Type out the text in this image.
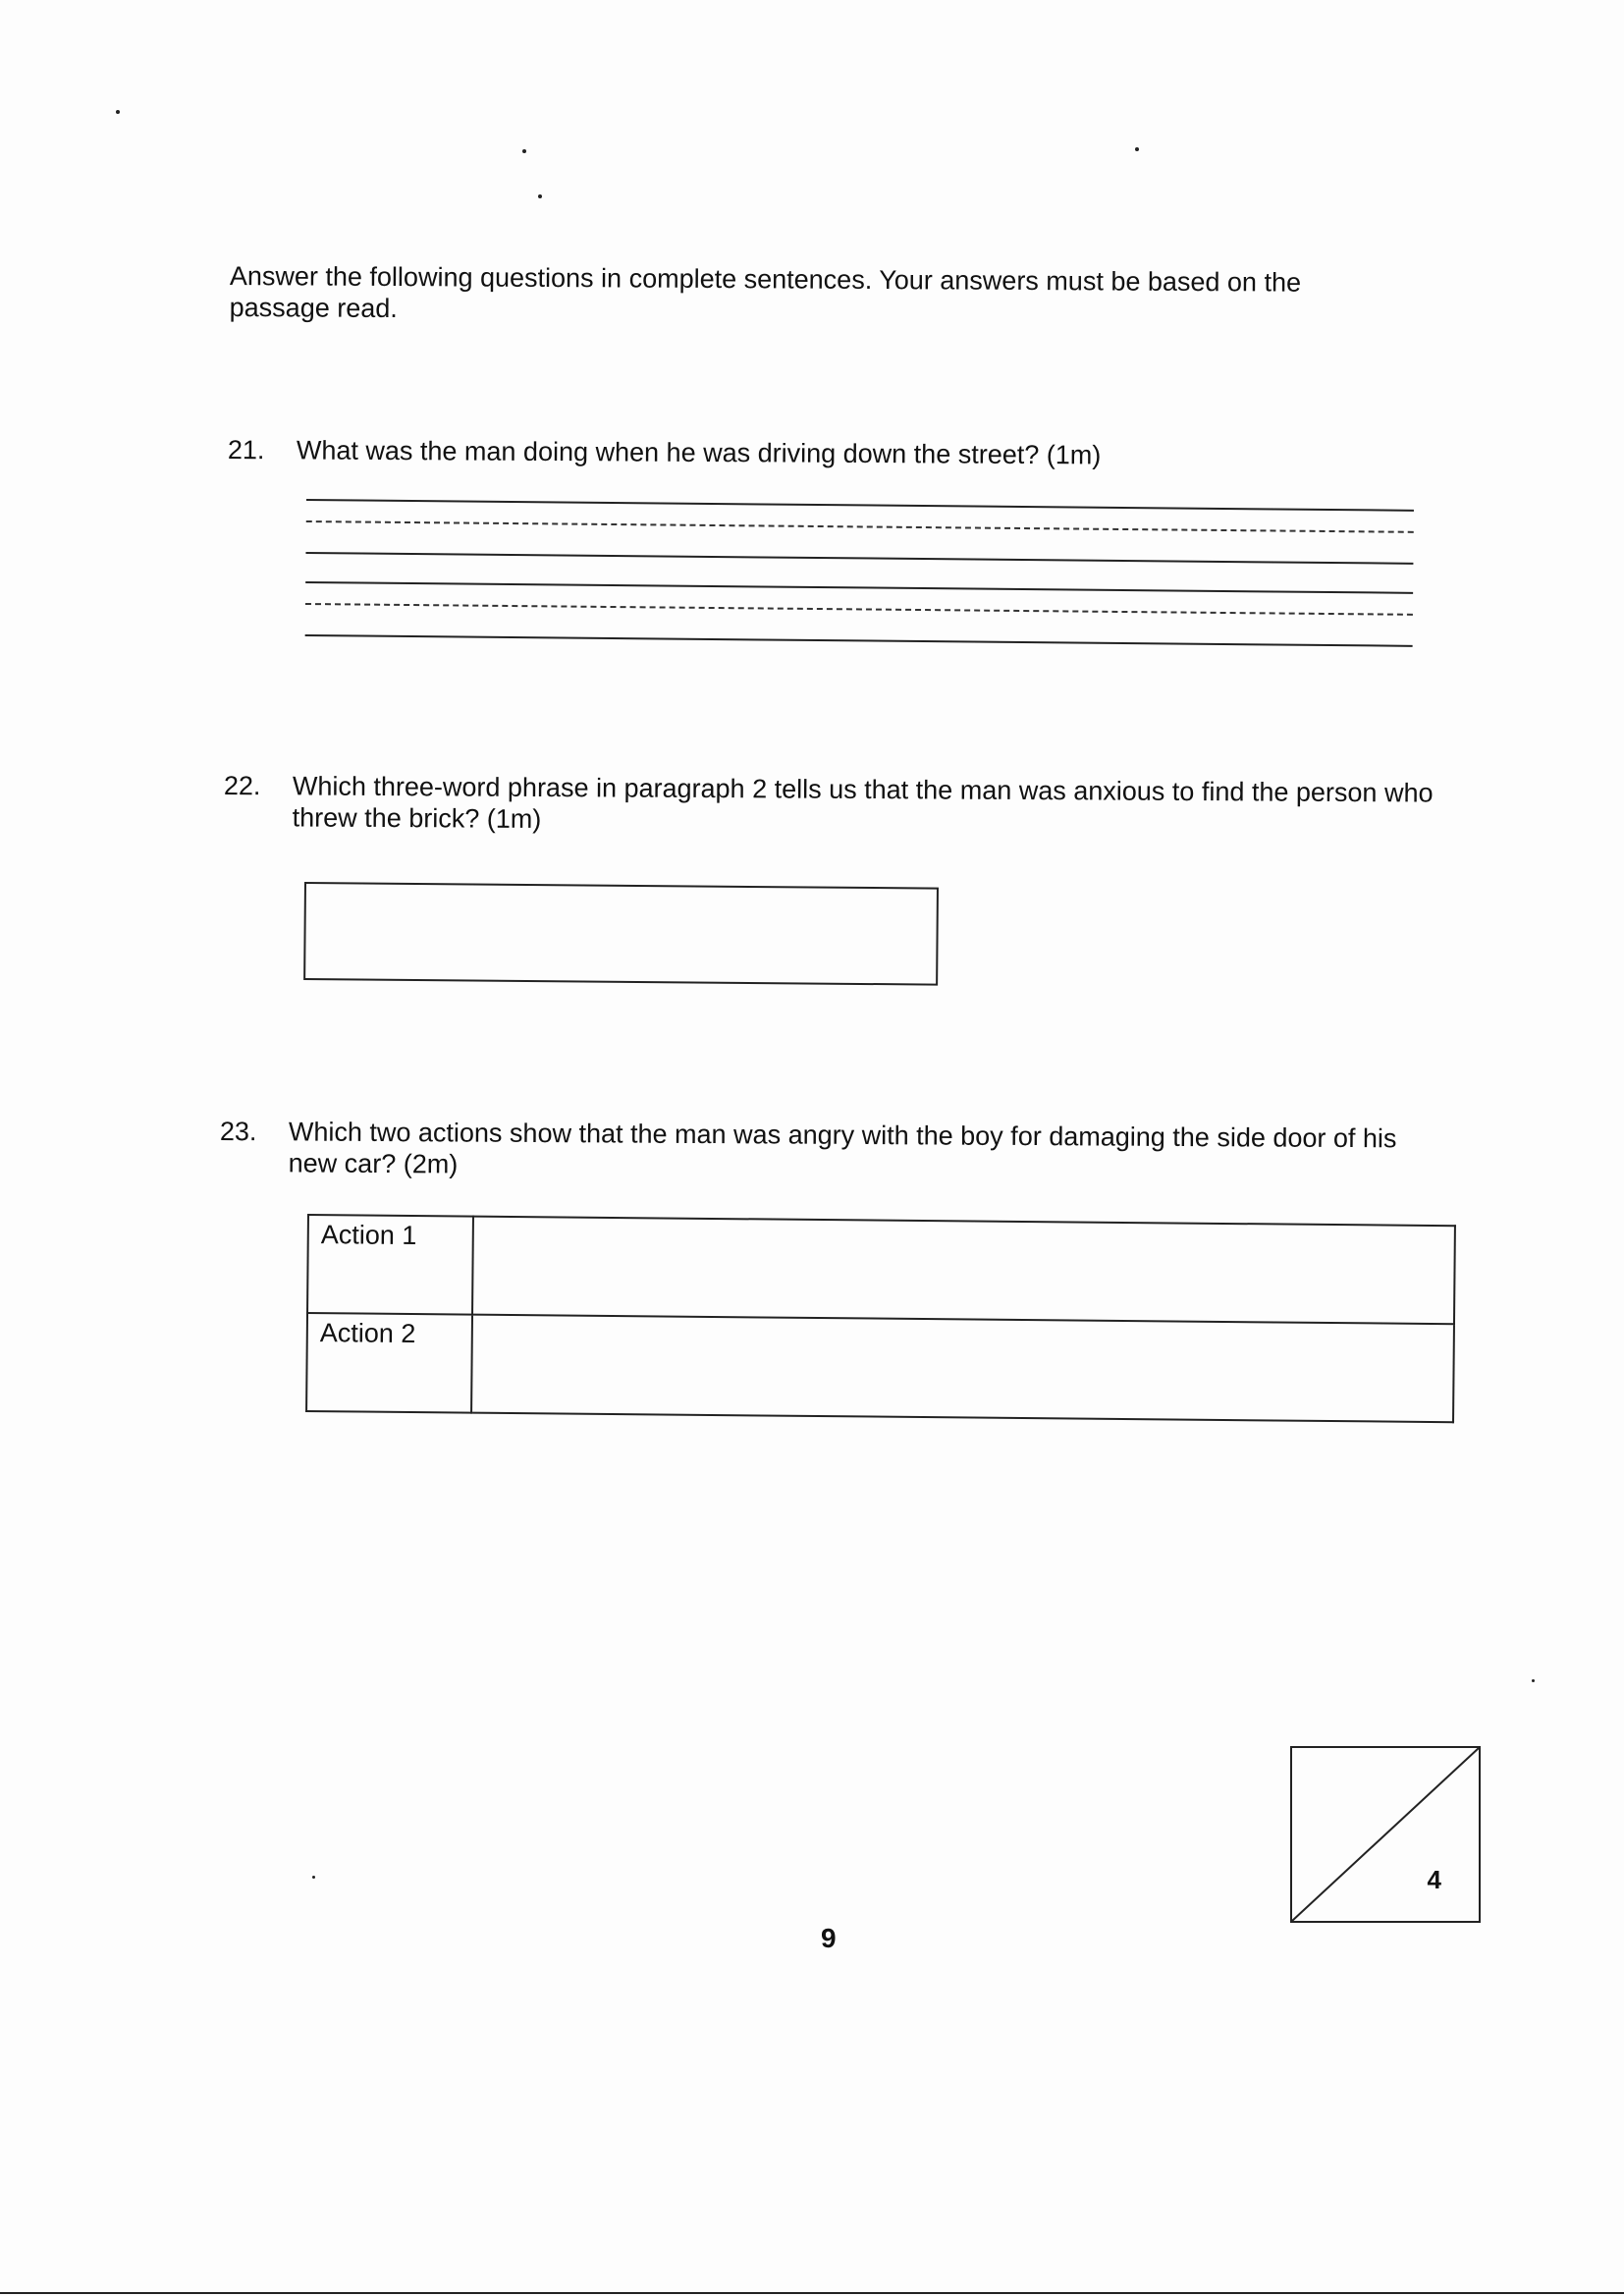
Answer the following questions in complete sentences. Your answers must be based on the passage read.
21. What was the man doing when he was driving down the street? (1m)
22. Which three-word phrase in paragraph 2 tells us that the man was anxious to find the person who threw the brick? (1m)
23. Which two actions show that the man was angry with the boy for damaging the side door of his new car? (2m)
Action 1	
Action 2	
4
9
